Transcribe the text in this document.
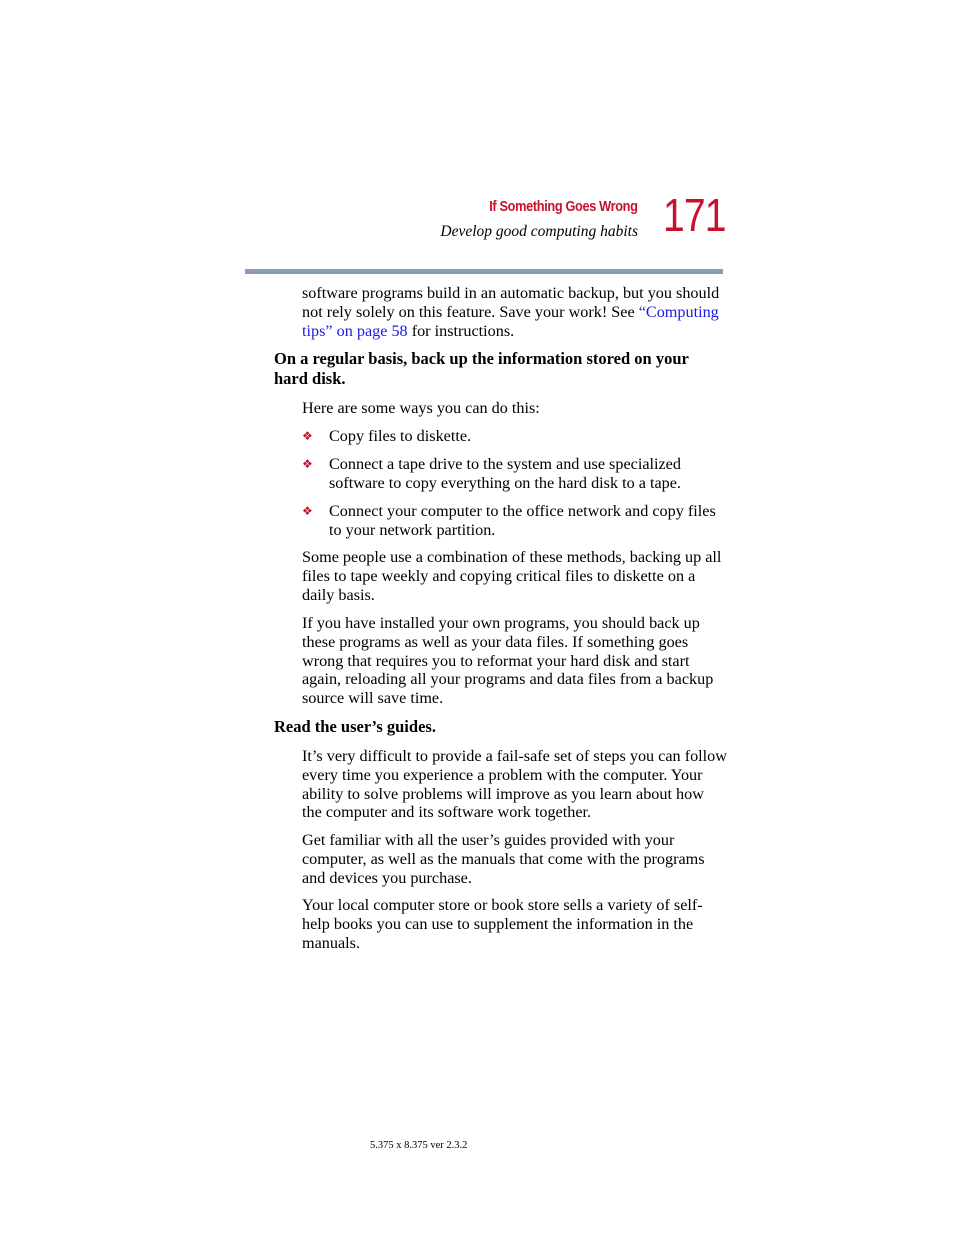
If Something Goes Wrong
Develop good computing habits 171

software programs build in an automatic backup, but you should not rely solely on this feature. Save your work! See “Computing tips” on page 58 for instructions.

On a regular basis, back up the information stored on your hard disk.

Here are some ways you can do this:

❖ Copy files to diskette.
❖ Connect a tape drive to the system and use specialized software to copy everything on the hard disk to a tape.
❖ Connect your computer to the office network and copy files to your network partition.

Some people use a combination of these methods, backing up all files to tape weekly and copying critical files to diskette on a daily basis.

If you have installed your own programs, you should back up these programs as well as your data files. If something goes wrong that requires you to reformat your hard disk and start again, reloading all your programs and data files from a backup source will save time.

Read the user’s guides.

It’s very difficult to provide a fail-safe set of steps you can follow every time you experience a problem with the computer. Your ability to solve problems will improve as you learn about how the computer and its software work together.

Get familiar with all the user’s guides provided with your computer, as well as the manuals that come with the programs and devices you purchase.

Your local computer store or book store sells a variety of self-help books you can use to supplement the information in the manuals.

5.375 x 8.375 ver 2.3.2
